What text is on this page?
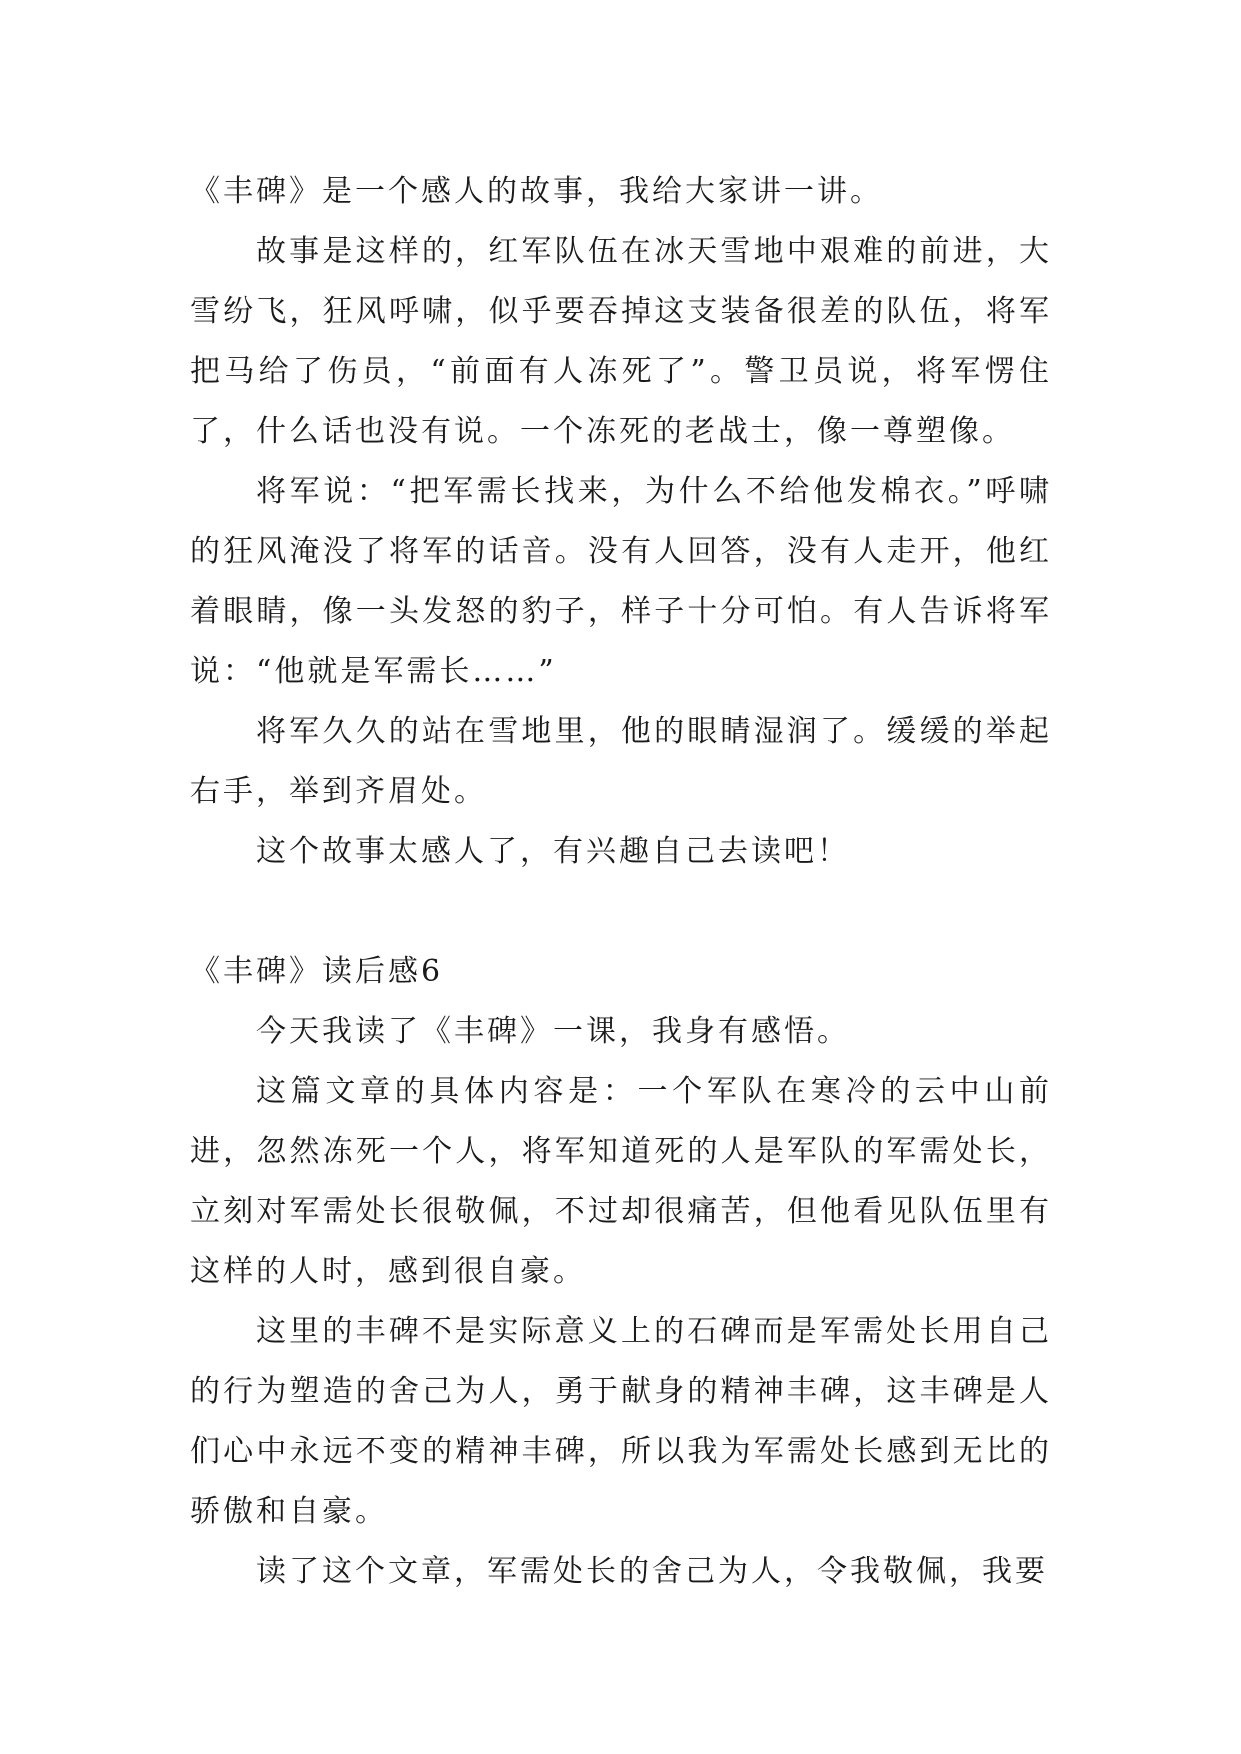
《丰碑》是一个感人的故事，我给大家讲一讲。

故事是这样的，红军队伍在冰天雪地中艰难的前进，大雪纷飞，狂风呼啸，似乎要吞掉这支装备很差的队伍，将军把马给了伤员，“前面有人冻死了”。警卫员说，将军愣住了，什么话也没有说。一个冻死的老战士，像一尊塑像。

将军说：“把军需长找来，为什么不给他发棉衣。”呼啸的狂风淹没了将军的话音。没有人回答，没有人走开，他红着眼睛，像一头发怒的豹子，样子十分可怕。有人告诉将军说：“他就是军需长……”

将军久久的站在雪地里，他的眼睛湿润了。缓缓的举起右手，举到齐眉处。

这个故事太感人了，有兴趣自己去读吧！

《丰碑》读后感6

今天我读了《丰碑》一课，我身有感悟。

这篇文章的具体内容是：一个军队在寒冷的云中山前进，忽然冻死一个人，将军知道死的人是军队的军需处长，立刻对军需处长很敬佩，不过却很痛苦，但他看见队伍里有这样的人时，感到很自豪。

这里的丰碑不是实际意义上的石碑而是军需处长用自己的行为塑造的舍己为人，勇于献身的精神丰碑，这丰碑是人们心中永远不变的精神丰碑，所以我为军需处长感到无比的骄傲和自豪。

读了这个文章，军需处长的舍己为人，令我敬佩，我要
